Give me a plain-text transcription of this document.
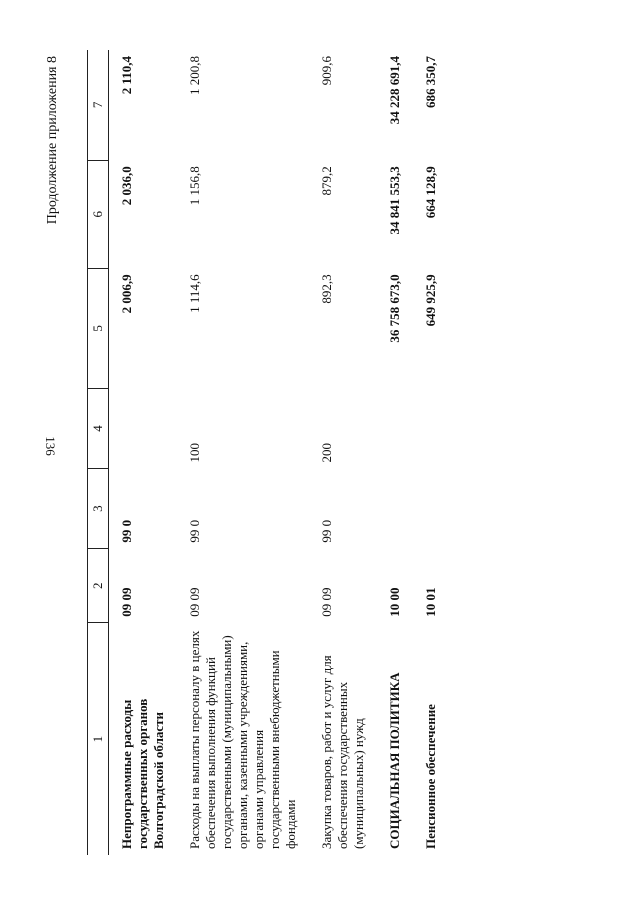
136
Продолжение приложения 8
1	2	3	4	5	6	7
Непрограммные расходы государственных органов Волгоградской области	09 09	99 0		2 006,9	2 036,0	2 110,4
Расходы на выплаты персоналу в целях обеспечения выполнения функций государственными (муниципальными) органами, казенными учреждениями, органами управления государственными внебюджетными фондами	09 09	99 0	100	1 114,6	1 156,8	1 200,8
Закупка товаров, работ и услуг для обеспечения государственных (муниципальных) нужд	09 09	99 0	200	892,3	879,2	909,6
СОЦИАЛЬНАЯ ПОЛИТИКА	10 00			36 758 673,0	34 841 553,3	34 228 691,4
Пенсионное обеспечение	10 01			649 925,9	664 128,9	686 350,7
